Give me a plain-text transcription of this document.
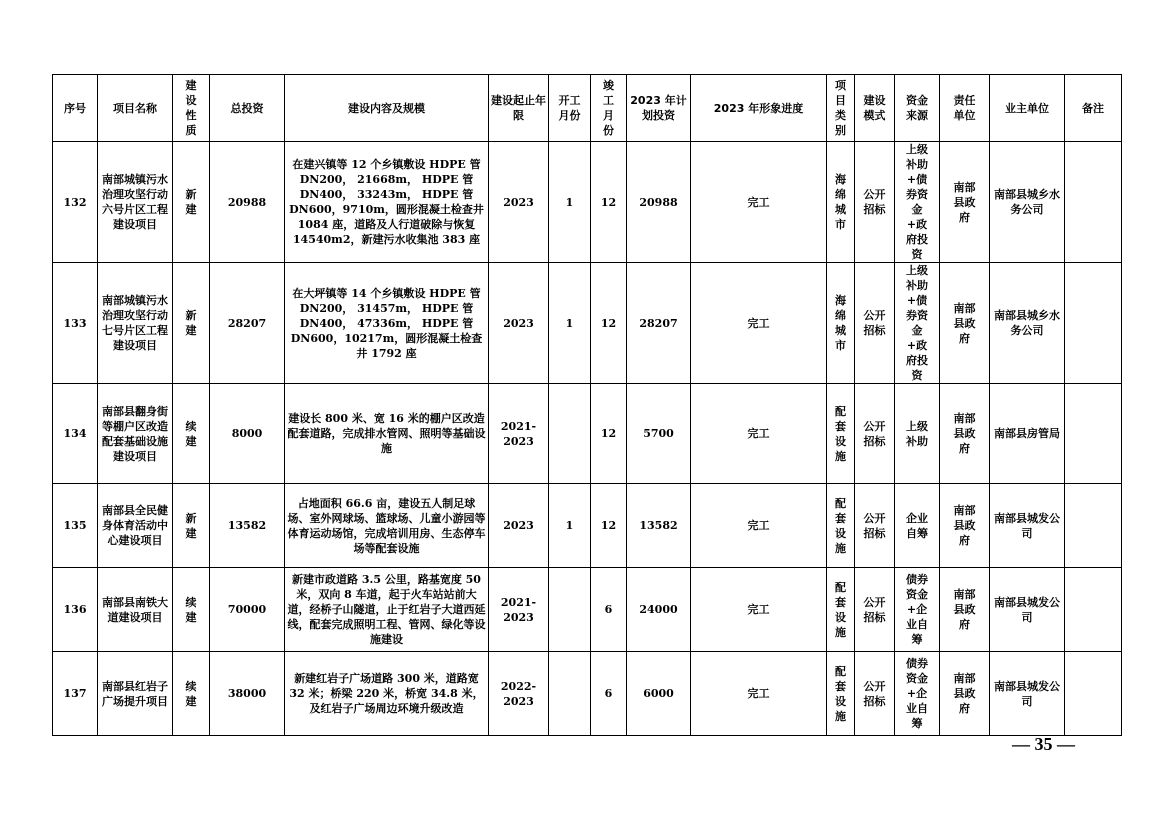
序号	项目名称	建设性质	总投资	建设内容及规模	建设起止年限	开工月份	竣工月份	2023 年计划投资	2023 年形象进度	项目类别	建设模式	资金来源	责任单位	业主单位	备注
132	南部城镇污水治理攻坚行动六号片区工程建设项目	新建	20988	在建兴镇等 12 个乡镇敷设 HDPE 管 DN200， 21668m， HDPE 管 DN400， 33243m， HDPE 管 DN600，9710m，圆形混凝土检查井 1084 座，道路及人行道破除与恢复 14540m2，新建污水收集池 383 座	2023	1	12	20988	完工	海绵城市	公开招标	上级补助+债券资金+政府投资	南部县政府	南部县城乡水务公司	
133	南部城镇污水治理攻坚行动七号片区工程建设项目	新建	28207	在大坪镇等 14 个乡镇敷设 HDPE 管 DN200， 31457m， HDPE 管 DN400， 47336m， HDPE 管 DN600，10217m，圆形混凝土检查井 1792 座	2023	1	12	28207	完工	海绵城市	公开招标	上级补助+债券资金+政府投资	南部县政府	南部县城乡水务公司	
134	南部县翻身街等棚户区改造配套基础设施建设项目	续建	8000	建设长 800 米、宽 16 米的棚户区改造配套道路，完成排水管网、照明等基础设施	2021-2023		12	5700	完工	配套设施	公开招标	上级补助	南部县政府	南部县房管局	
135	南部县全民健身体育活动中心建设项目	新建	13582	占地面积 66.6 亩，建设五人制足球场、室外网球场、篮球场、儿童小游园等体育运动场馆，完成培训用房、生态停车场等配套设施	2023	1	12	13582	完工	配套设施	公开招标	企业自筹	南部县政府	南部县城发公司	
136	南部县南铁大道建设项目	续建	70000	新建市政道路 3.5 公里，路基宽度 50 米，双向 8 车道，起于火车站站前大道，经桥子山隧道，止于红岩子大道西延线，配套完成照明工程、管网、绿化等设施建设	2021-2023		6	24000	完工	配套设施	公开招标	债券资金+企业自筹	南部县政府	南部县城发公司	
137	南部县红岩子广场提升项目	续建	38000	新建红岩子广场道路 300 米，道路宽 32 米；桥梁 220 米，桥宽 34.8 米，及红岩子广场周边环境升级改造	2022-2023		6	6000	完工	配套设施	公开招标	债券资金+企业自筹	南部县政府	南部县城发公司	
— 35 —
